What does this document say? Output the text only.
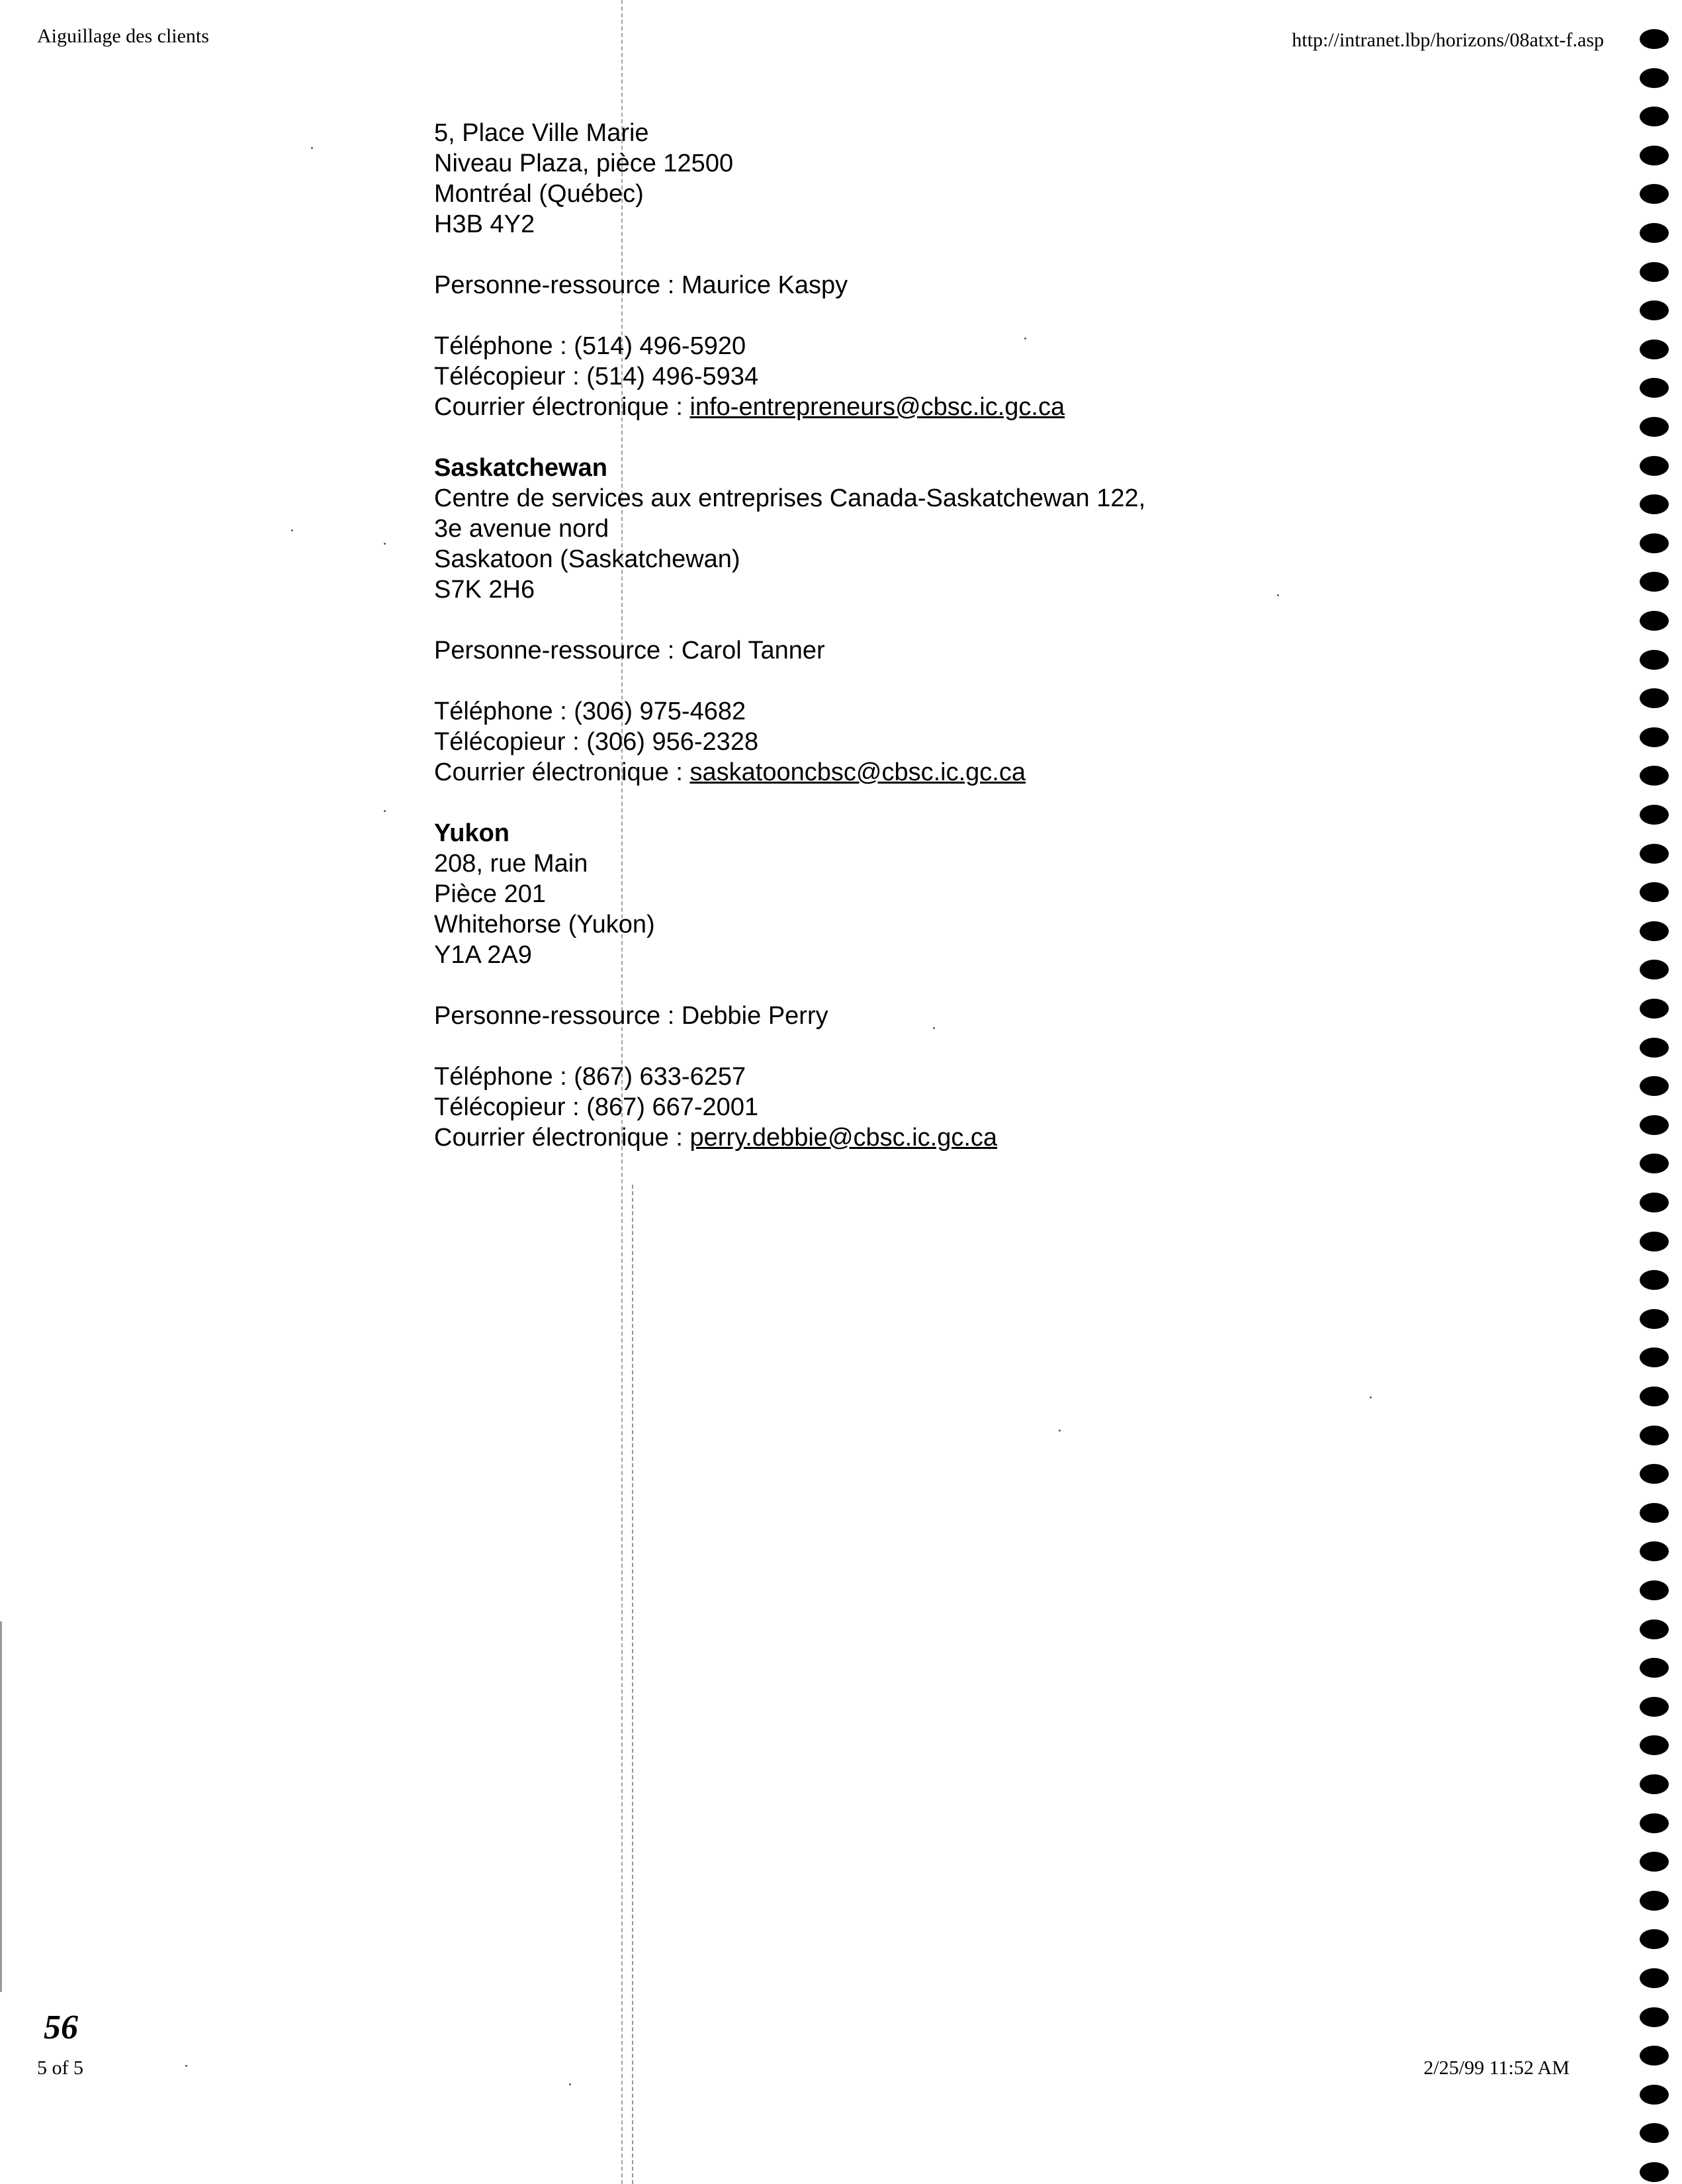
Aiguillage des clients	http://intranet.lbp/horizons/08atxt-f.asp
5, Place Ville Marie
Niveau Plaza, pièce 12500
Montréal (Québec)
H3B 4Y2
Personne-ressource : Maurice Kaspy
Téléphone : (514) 496-5920
Télécopieur : (514) 496-5934
Courrier électronique : info-entrepreneurs@cbsc.ic.gc.ca
Saskatchewan
Centre de services aux entreprises Canada-Saskatchewan 122,
3e avenue nord
Saskatoon (Saskatchewan)
S7K 2H6
Personne-ressource : Carol Tanner
Téléphone : (306) 975-4682
Télécopieur : (306) 956-2328
Courrier électronique : saskatooncbsc@cbsc.ic.gc.ca
Yukon
208, rue Main
Pièce 201
Whitehorse (Yukon)
Y1A 2A9
Personne-ressource : Debbie Perry
Téléphone : (867) 633-6257
Télécopieur : (867) 667-2001
Courrier électronique : perry.debbie@cbsc.ic.gc.ca
56
5 of 5	2/25/99 11:52 AM
